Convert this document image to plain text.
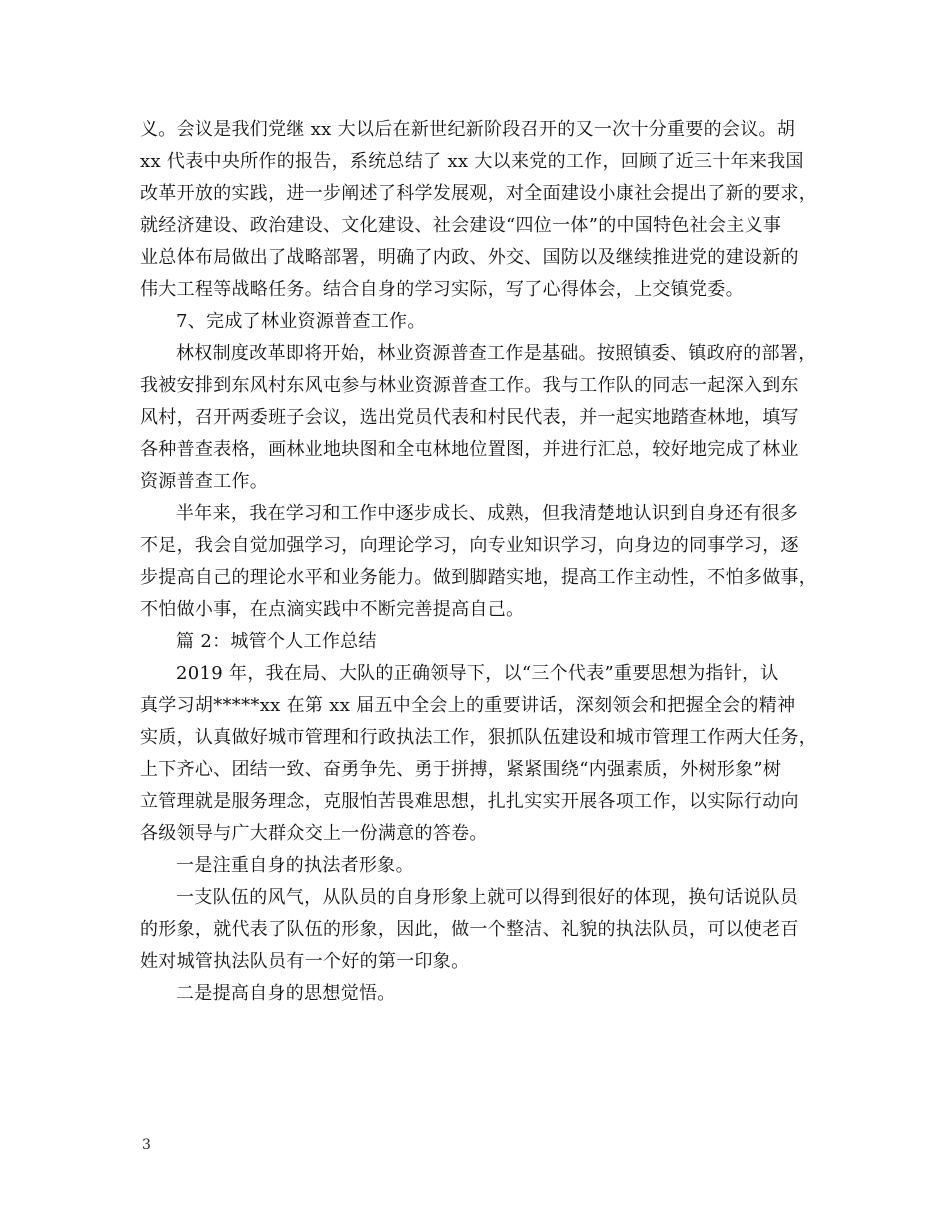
义。会议是我们党继 xx 大以后在新世纪新阶段召开的又一次十分重要的会议。胡
xx 代表中央所作的报告，系统总结了 xx 大以来党的工作，回顾了近三十年来我国
改革开放的实践，进一步阐述了科学发展观，对全面建设小康社会提出了新的要求，
就经济建设、政治建设、文化建设、社会建设“四位一体”的中国特色社会主义事
业总体布局做出了战略部署，明确了内政、外交、国防以及继续推进党的建设新的
伟大工程等战略任务。结合自身的学习实际，写了心得体会，上交镇党委。
7、完成了林业资源普查工作。
林权制度改革即将开始，林业资源普查工作是基础。按照镇委、镇政府的部署，
我被安排到东风村东风屯参与林业资源普查工作。我与工作队的同志一起深入到东
风村，召开两委班子会议，选出党员代表和村民代表，并一起实地踏查林地，填写
各种普查表格，画林业地块图和全屯林地位置图，并进行汇总，较好地完成了林业
资源普查工作。
半年来，我在学习和工作中逐步成长、成熟，但我清楚地认识到自身还有很多
不足，我会自觉加强学习，向理论学习，向专业知识学习，向身边的同事学习，逐
步提高自己的理论水平和业务能力。做到脚踏实地，提高工作主动性，不怕多做事，
不怕做小事，在点滴实践中不断完善提高自己。
篇 2：城管个人工作总结
2019 年，我在局、大队的正确领导下，以“三个代表”重要思想为指针，认
真学习胡*****xx 在第 xx 届五中全会上的重要讲话，深刻领会和把握全会的精神
实质，认真做好城市管理和行政执法工作，狠抓队伍建设和城市管理工作两大任务，
上下齐心、团结一致、奋勇争先、勇于拼搏，紧紧围绕“内强素质，外树形象”树
立管理就是服务理念，克服怕苦畏难思想，扎扎实实开展各项工作，以实际行动向
各级领导与广大群众交上一份满意的答卷。
一是注重自身的执法者形象。
一支队伍的风气，从队员的自身形象上就可以得到很好的体现，换句话说队员
的形象，就代表了队伍的形象，因此，做一个整洁、礼貌的执法队员，可以使老百
姓对城管执法队员有一个好的第一印象。
二是提高自身的思想觉悟。
3
